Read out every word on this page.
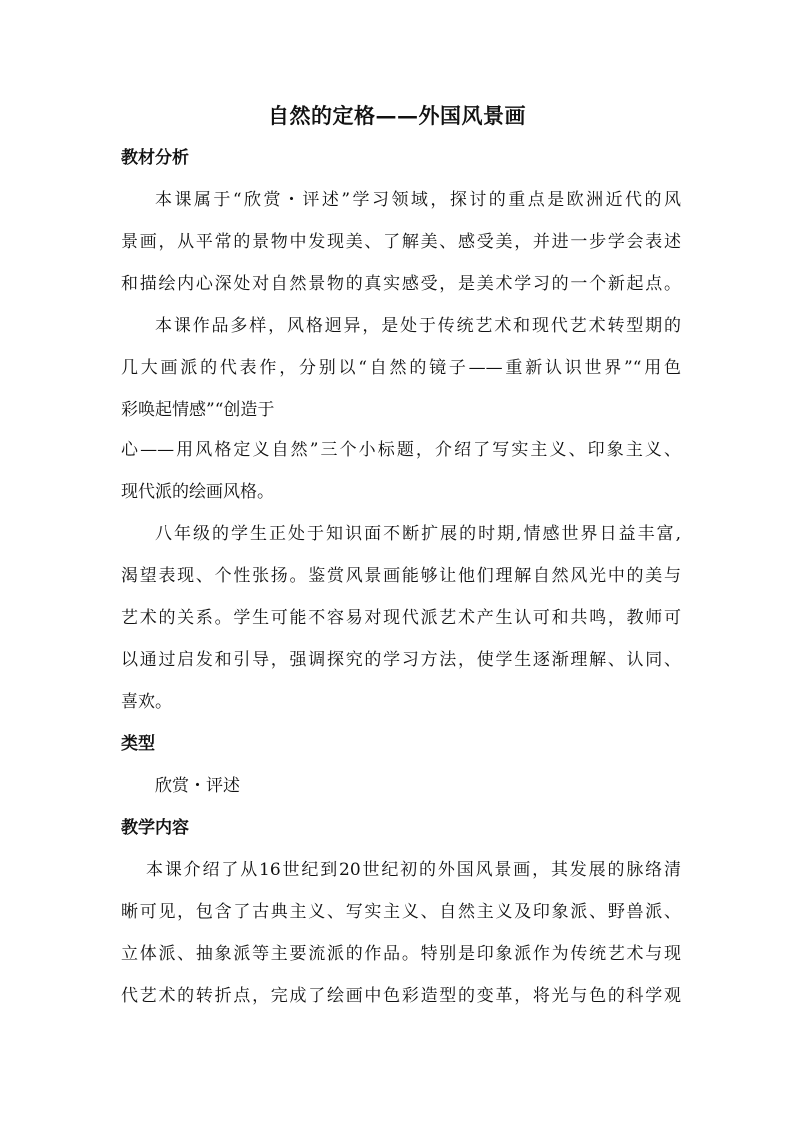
自然的定格——外国风景画
教材分析

本课属于“欣赏・评述”学习领域，探讨的重点是欧洲近代的风

景画，从平常的景物中发现美、了解美、感受美，并进一步学会表述

和描绘内心深处对自然景物的真实感受，是美术学习的一个新起点。

本课作品多样，风格迥异，是处于传统艺术和现代艺术转型期的

几大画派的代表作，分别以“自然的镜子——重新认识世界”“用色

彩唤起情感”“创造于

心——用风格定义自然”三个小标题，介绍了写实主义、印象主义、

现代派的绘画风格。

八年级的学生正处于知识面不断扩展的时期,情感世界日益丰富,

渴望表现、个性张扬。鉴赏风景画能够让他们理解自然风光中的美与

艺术的关系。学生可能不容易对现代派艺术产生认可和共鸣，教师可

以通过启发和引导，强调探究的学习方法，使学生逐渐理解、认同、

喜欢。

类型

欣赏・评述

教学内容

本课介绍了从16世纪到20世纪初的外国风景画，其发展的脉络清

晰可见，包含了古典主义、写实主义、自然主义及印象派、野兽派、

立体派、抽象派等主要流派的作品。特别是印象派作为传统艺术与现

代艺术的转折点，完成了绘画中色彩造型的变革，将光与色的科学观
